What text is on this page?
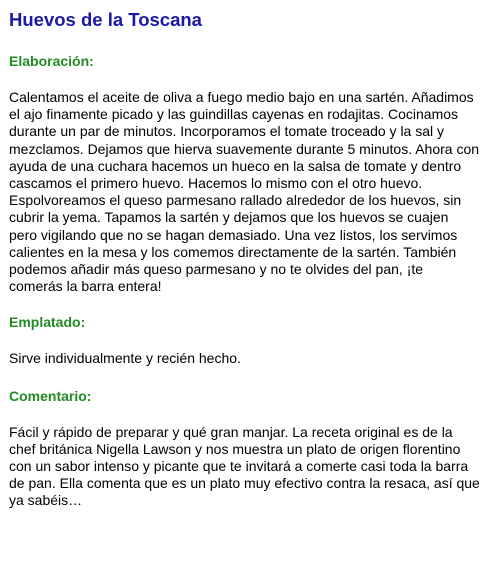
Huevos de la Toscana
Elaboración:

Calentamos el aceite de oliva a fuego medio bajo en una sartén. Añadimos el ajo finamente picado y las guindillas cayenas en rodajitas. Cocinamos durante un par de minutos. Incorporamos el tomate troceado y la sal y mezclamos. Dejamos que hierva suavemente durante 5 minutos. Ahora con ayuda de una cuchara hacemos un hueco en la salsa de tomate y dentro cascamos el primero huevo. Hacemos lo mismo con el otro huevo. Espolvoreamos el queso parmesano rallado alrededor de los huevos, sin cubrir la yema. Tapamos la sartén y dejamos que los huevos se cuajen pero vigilando que no se hagan demasiado. Una vez listos, los servimos calientes en la mesa y los comemos directamente de la sartén. También podemos añadir más queso parmesano y no te olvides del pan, ¡te comerás la barra entera!

Emplatado:

Sirve individualmente y recién hecho.

Comentario:

Fácil y rápido de preparar y qué gran manjar. La receta original es de la chef británica Nigella Lawson y nos muestra un plato de origen florentino con un sabor intenso y picante que te invitará a comerte casi toda la barra de pan. Ella comenta que es un plato muy efectivo contra la resaca, así que ya sabéis…
